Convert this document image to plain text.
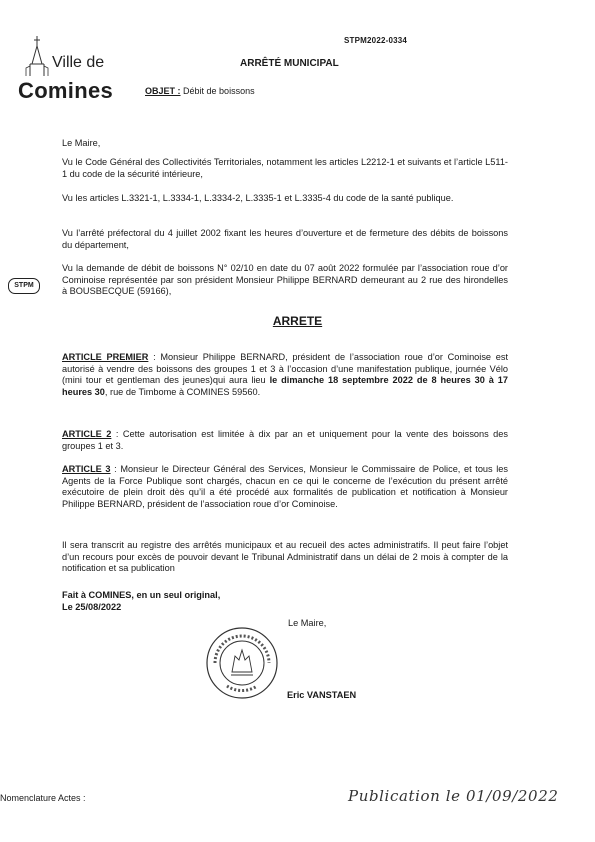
STPM2022-0334
Ville de
Comines
ARRÊTÉ MUNICIPAL
OBJET : Débit de boissons
Le Maire,
Vu le Code Général des Collectivités Territoriales, notamment les articles L2212-1 et suivants et l’article L511-1 du code de la sécurité intérieure,
Vu les articles L.3321-1, L.3334-1, L.3334-2, L.3335-1 et L.3335-4 du code de la santé publique.
Vu l’arrêté préfectoral du 4 juillet 2002 fixant les heures d’ouverture et de fermeture des débits de boissons du département,
Vu la demande de débit de boissons N° 02/10 en date du 07 août 2022 formulée par l’association roue d’or Cominoise représentée par son président Monsieur Philippe BERNARD demeurant au 2 rue des hirondelles à BOUSBECQUE (59166),
STPM
ARRETE
ARTICLE PREMIER : Monsieur Philippe BERNARD, président de l’association roue d’or Cominoise est autorisé à vendre des boissons des groupes 1 et 3 à l’occasion d’une manifestation publique, journée Vélo (mini tour et gentleman des jeunes)qui aura lieu le dimanche 18 septembre 2022 de 8 heures 30 à 17 heures 30, rue de Timbome à COMINES 59560.
ARTICLE 2 : Cette autorisation est limitée à dix par an et uniquement pour la vente des boissons des groupes 1 et 3.
ARTICLE 3 : Monsieur le Directeur Général des Services, Monsieur le Commissaire de Police, et tous les Agents de la Force Publique sont chargés, chacun en ce qui le concerne de l’exécution du présent arrêté exécutoire de plein droit dès qu’il a été procédé aux formalités de publication et notification à Monsieur Philippe BERNARD, président de l’association roue d’or Cominoise.
Il sera transcrit au registre des arrêtés municipaux et au recueil des actes administratifs. Il peut faire l’objet d’un recours pour excès de pouvoir devant le Tribunal Administratif dans un délai de 2 mois à compter de la notification et sa publication
Fait à COMINES, en un seul original,
Le 25/08/2022
Le Maire,
Eric VANSTAEN
Nomenclature Actes :	Publication le 01/09/2022
